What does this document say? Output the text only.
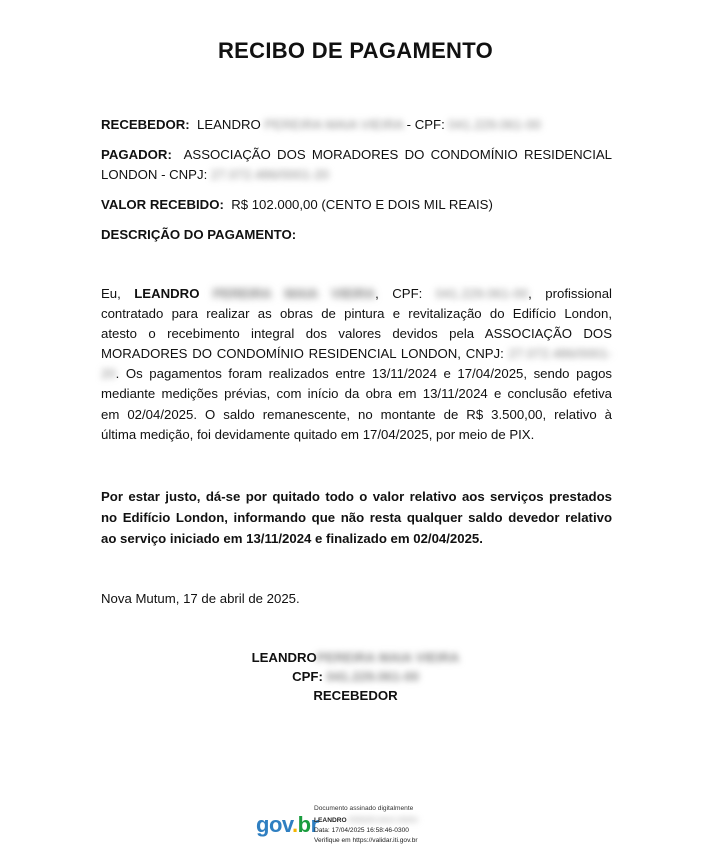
RECIBO DE PAGAMENTO
RECEBEDOR: LEANDRO PEREIRA MAIA VIEIRA - CPF: 041.229.061-00
PAGADOR: ASSOCIAÇÃO DOS MORADORES DO CONDOMÍNIO RESIDENCIAL
LONDON - CNPJ: 27.072.486/0001-20
VALOR RECEBIDO: R$ 102.000,00 (CENTO E DOIS MIL REAIS)
DESCRIÇÃO DO PAGAMENTO:
Eu, LEANDRO PEREIRA MAIA VIEIRA, CPF: 041.229.061-00, profissional
contratado para realizar as obras de pintura e revitalização do Edifício London,
atesto o recebimento integral dos valores devidos pela ASSOCIAÇÃO DOS
MORADORES DO CONDOMÍNIO RESIDENCIAL LONDON, CNPJ: 27.072.486/0001-
20. Os pagamentos foram realizados entre 13/11/2024 e 17/04/2025, sendo pagos
mediante medições prévias, com início da obra em 13/11/2024 e conclusão efetiva
em 02/04/2025. O saldo remanescente, no montante de R$ 3.500,00, relativo à
última medição, foi devidamente quitado em 17/04/2025, por meio de PIX.
Por estar justo, dá-se por quitado todo o valor relativo aos serviços prestados
no Edifício London, informando que não resta qualquer saldo devedor relativo
ao serviço iniciado em 13/11/2024 e finalizado em 02/04/2025.
Nova Mutum, 17 de abril de 2025.
LEANDROPEREIRA MAIA VIEIRA
CPF: 041.229.061-00
RECEBEDOR
gov.br
Documento assinado digitalmente
LEANDRO PEREIRA MAIA VIEIRA
Data: 17/04/2025 16:58:46-0300
Verifique em https://validar.iti.gov.br
